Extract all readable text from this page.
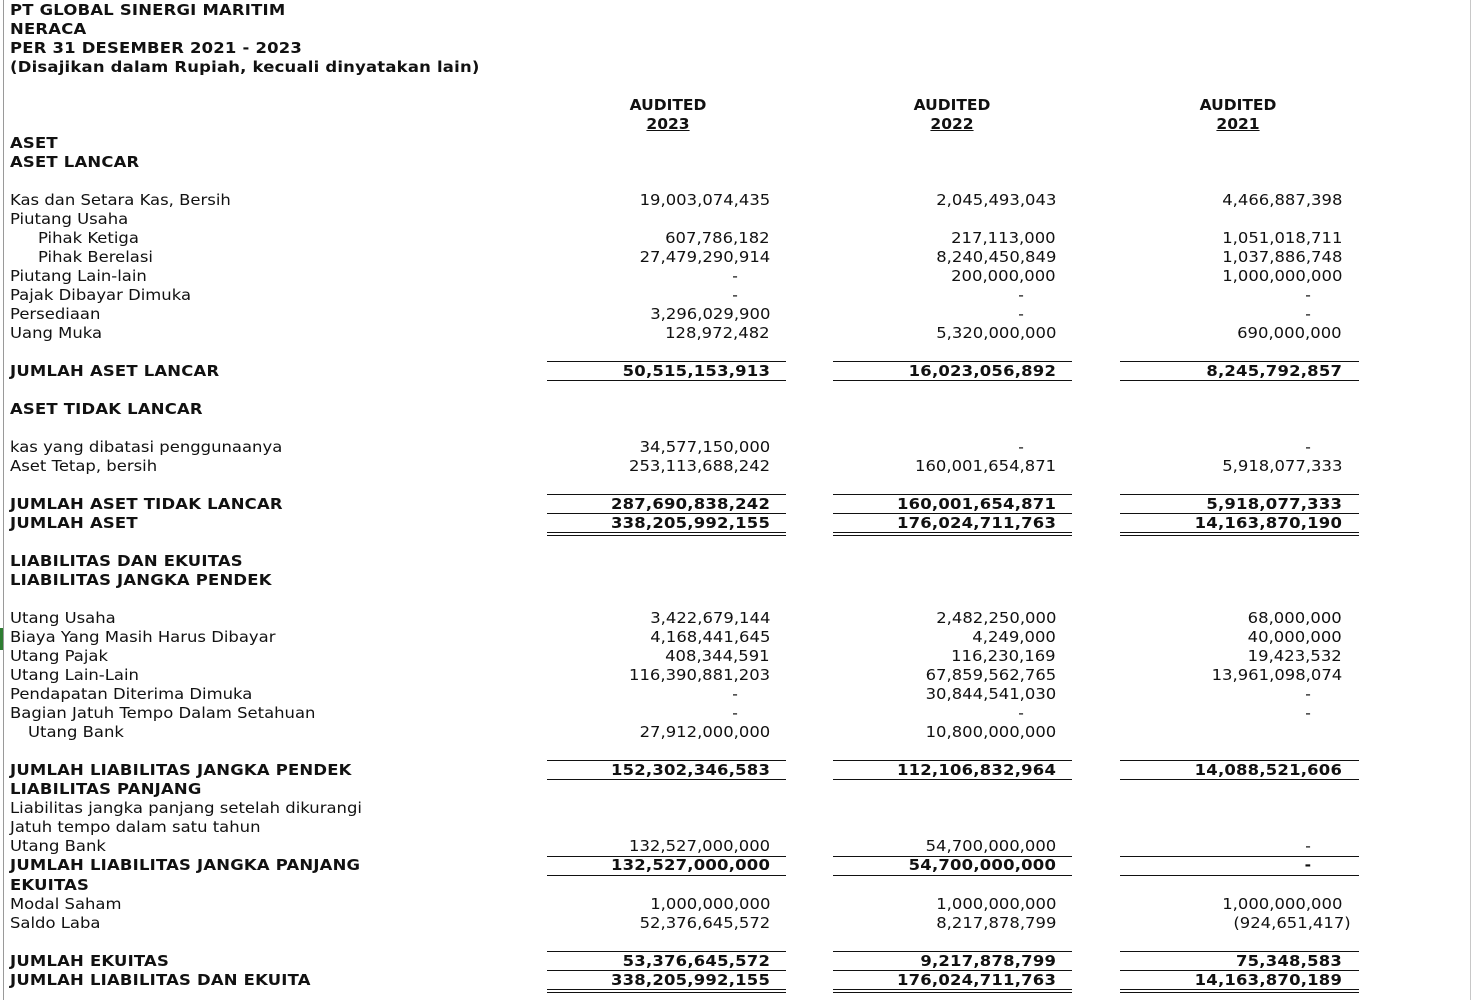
PT GLOBAL SINERGI MARITIM
NERACA
PER 31 DESEMBER 2021 - 2023
(Disajikan dalam Rupiah, kecuali dinyatakan lain)
AUDITED
2023
AUDITED
2022
AUDITED
2021
ASET
ASET LANCAR
Kas dan Setara Kas, Bersih	19,003,074,435	2,045,493,043	4,466,887,398
Piutang Usaha
Pihak Ketiga	607,786,182	217,113,000	1,051,018,711
Pihak Berelasi	27,479,290,914	8,240,450,849	1,037,886,748
Piutang Lain-lain	-	200,000,000	1,000,000,000
Pajak Dibayar Dimuka	-	-	-
Persediaan	3,296,029,900	-	-
Uang Muka	128,972,482	5,320,000,000	690,000,000
JUMLAH ASET LANCAR	50,515,153,913	16,023,056,892	8,245,792,857
ASET TIDAK LANCAR
kas yang dibatasi penggunaanya	34,577,150,000	-	-
Aset Tetap, bersih	253,113,688,242	160,001,654,871	5,918,077,333
JUMLAH ASET TIDAK LANCAR	287,690,838,242	160,001,654,871	5,918,077,333
JUMLAH ASET	338,205,992,155	176,024,711,763	14,163,870,190
LIABILITAS DAN EKUITAS
LIABILITAS JANGKA PENDEK
Utang Usaha	3,422,679,144	2,482,250,000	68,000,000
Biaya Yang Masih Harus Dibayar	4,168,441,645	4,249,000	40,000,000
Utang Pajak	408,344,591	116,230,169	19,423,532
Utang Lain-Lain	116,390,881,203	67,859,562,765	13,961,098,074
Pendapatan Diterima Dimuka	-	30,844,541,030	-
Bagian Jatuh Tempo Dalam Setahuan	-	-	-
Utang Bank	27,912,000,000	10,800,000,000
JUMLAH LIABILITAS JANGKA PENDEK	152,302,346,583	112,106,832,964	14,088,521,606
LIABILITAS PANJANG
Liabilitas jangka panjang setelah dikurangi
Jatuh tempo dalam satu tahun
Utang Bank	132,527,000,000	54,700,000,000	-
JUMLAH LIABILITAS JANGKA PANJANG	132,527,000,000	54,700,000,000	-
EKUITAS
Modal Saham	1,000,000,000	1,000,000,000	1,000,000,000
Saldo Laba	52,376,645,572	8,217,878,799	(924,651,417)
JUMLAH EKUITAS	53,376,645,572	9,217,878,799	75,348,583
JUMLAH LIABILITAS DAN EKUITA	338,205,992,155	176,024,711,763	14,163,870,189
